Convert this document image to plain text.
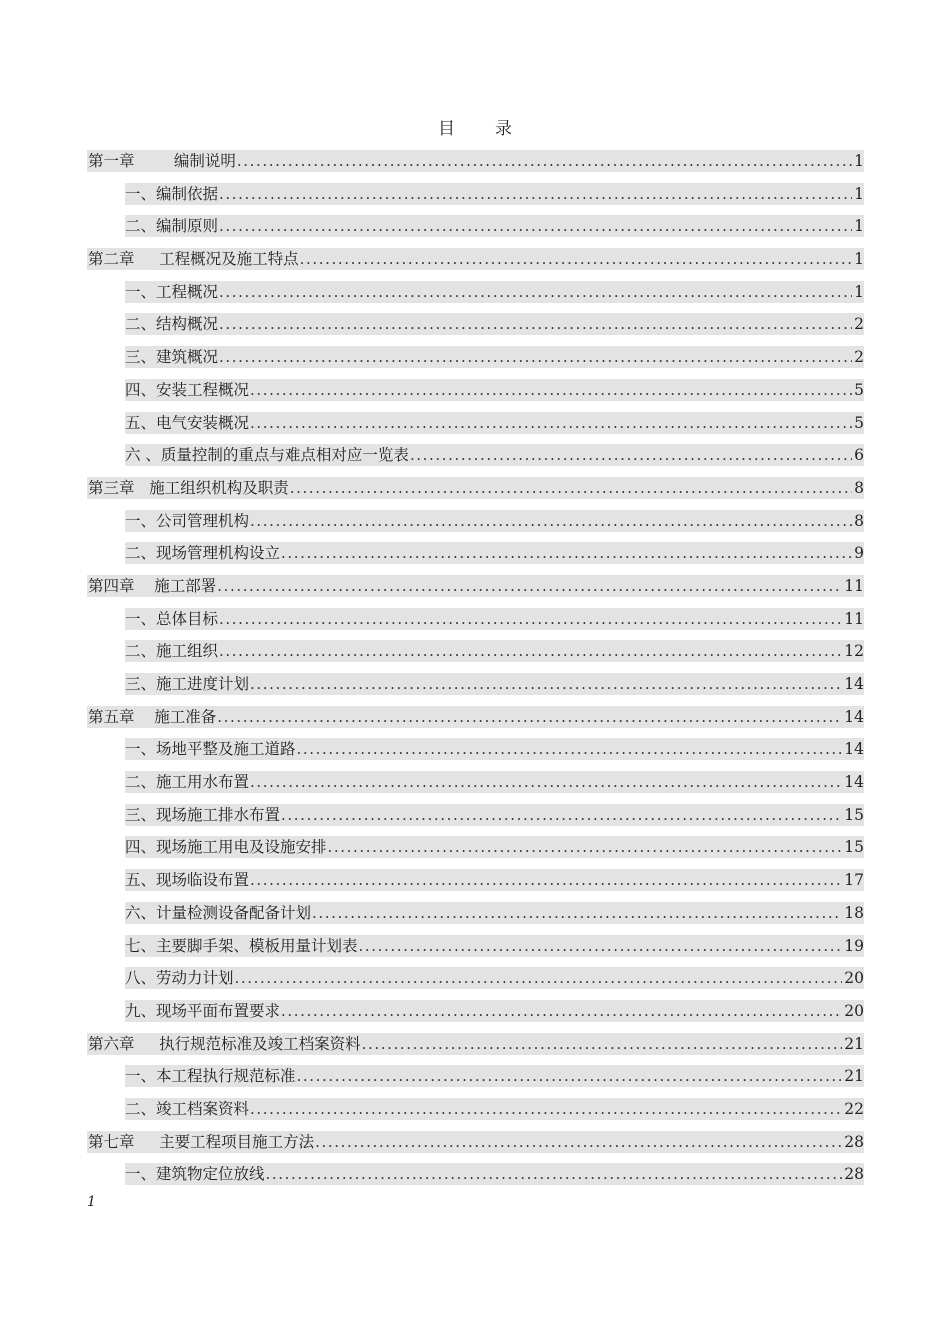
目 录
第一章        编制说明 .....	1
一、编制依据 .....	1
二、编制原则 .....	1
第二章     工程概况及施工特点 .....	1
一、工程概况 .....	1
二、结构概况 .....	2
三、建筑概况 .....	2
四、安装工程概况 .....	5
五、电气安装概况 .....	5
六 、质量控制的重点与难点相对应一览表 .....	6
第三章   施工组织机构及职责 .....	8
一、公司管理机构 .....	8
二、现场管理机构设立 .....	9
第四章    施工部署 .....	11
一、总体目标 .....	11
二、施工组织 .....	12
三、施工进度计划 .....	14
第五章    施工准备 .....	14
一、场地平整及施工道路 .....	14
二、施工用水布置 .....	14
三、现场施工排水布置 .....	15
四、现场施工用电及设施安排 .....	15
五、现场临设布置 .....	17
六、计量检测设备配备计划 .....	18
七、主要脚手架、模板用量计划表 .....	19
八、劳动力计划 .....	20
九、现场平面布置要求 .....	20
第六章     执行规范标准及竣工档案资料 .....	21
一、本工程执行规范标准 .....	21
二、竣工档案资料 .....	22
第七章     主要工程项目施工方法 .....	28
一、建筑物定位放线 .....	28
1
